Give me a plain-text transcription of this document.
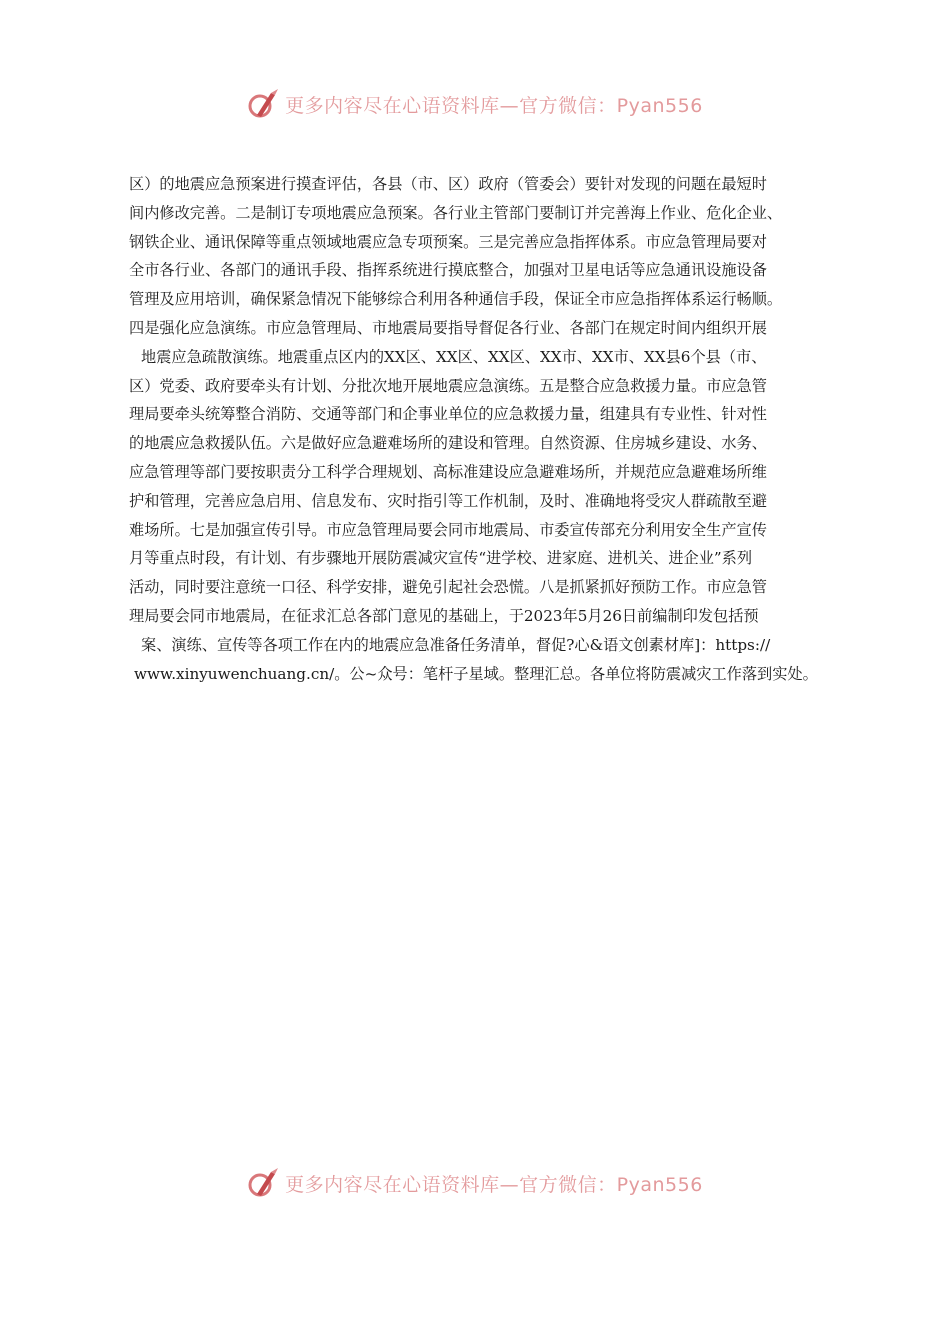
更多内容尽在心语资料库—官方微信：Pyan556
区）的地震应急预案进行摸查评估，各县（市、区）政府（管委会）要针对发现的问题在最短时
间内修改完善。二是制订专项地震应急预案。各行业主管部门要制订并完善海上作业、危化企业、
钢铁企业、通讯保障等重点领域地震应急专项预案。三是完善应急指挥体系。市应急管理局要对
全市各行业、各部门的通讯手段、指挥系统进行摸底整合，加强对卫星电话等应急通讯设施设备
管理及应用培训，确保紧急情况下能够综合利用各种通信手段，保证全市应急指挥体系运行畅顺。
四是强化应急演练。市应急管理局、市地震局要指导督促各行业、各部门在规定时间内组织开展
地震应急疏散演练。地震重点区内的XX区、XX区、XX区、XX市、XX市、XX县6个县（市、
区）党委、政府要牵头有计划、分批次地开展地震应急演练。五是整合应急救援力量。市应急管
理局要牵头统筹整合消防、交通等部门和企事业单位的应急救援力量，组建具有专业性、针对性
的地震应急救援队伍。六是做好应急避难场所的建设和管理。自然资源、住房城乡建设、水务、
应急管理等部门要按职责分工科学合理规划、高标准建设应急避难场所，并规范应急避难场所维
护和管理，完善应急启用、信息发布、灾时指引等工作机制，及时、准确地将受灾人群疏散至避
难场所。七是加强宣传引导。市应急管理局要会同市地震局、市委宣传部充分利用安全生产宣传
月等重点时段，有计划、有步骤地开展防震减灾宣传“进学校、进家庭、进机关、进企业”系列
活动，同时要注意统一口径、科学安排，避免引起社会恐慌。八是抓紧抓好预防工作。市应急管
理局要会同市地震局，在征求汇总各部门意见的基础上，于2023年5月26日前编制印发包括预
案、演练、宣传等各项工作在内的地震应急准备任务清单，督促?心&语文创素材库]：https://
www.xinyuwenchuang.cn/。公~众号：笔杆子星域。整理汇总。各单位将防震减灾工作落到实处。
更多内容尽在心语资料库—官方微信：Pyan556
